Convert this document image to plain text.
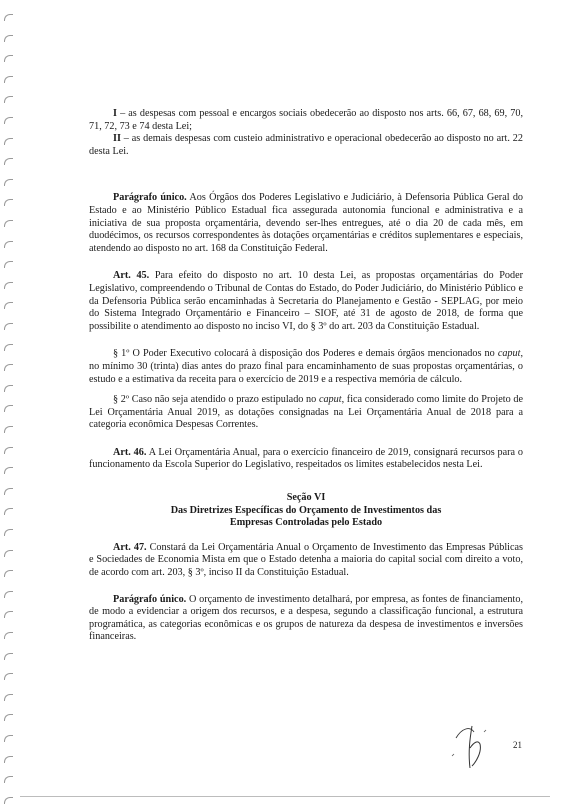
I – as despesas com pessoal e encargos sociais obedecerão ao disposto nos arts. 66, 67, 68, 69, 70, 71, 72, 73 e 74 desta Lei;

II – as demais despesas com custeio administrativo e operacional obedecerão ao disposto no art. 22 desta Lei.

Parágrafo único. Aos Órgãos dos Poderes Legislativo e Judiciário, à Defensoria Pública Geral do Estado e ao Ministério Público Estadual fica assegurada autonomia funcional e administrativa e a iniciativa de sua proposta orçamentária, devendo ser-lhes entregues, até o dia 20 de cada mês, em duodécimos, os recursos correspondentes às dotações orçamentárias e créditos suplementares e especiais, atendendo ao disposto no art. 168 da Constituição Federal.

Art. 45. Para efeito do disposto no art. 10 desta Lei, as propostas orçamentárias do Poder Legislativo, compreendendo o Tribunal de Contas do Estado, do Poder Judiciário, do Ministério Público e da Defensoria Pública serão encaminhadas à Secretaria do Planejamento e Gestão - SEPLAG, por meio do Sistema Integrado Orçamentário e Financeiro – SIOF, até 31 de agosto de 2018, de forma que possibilite o atendimento ao disposto no inciso VI, do § 3º do art. 203 da Constituição Estadual.

§ 1º O Poder Executivo colocará à disposição dos Poderes e demais órgãos mencionados no caput, no mínimo 30 (trinta) dias antes do prazo final para encaminhamento de suas propostas orçamentárias, o estudo e a estimativa da receita para o exercício de 2019 e a respectiva memória de cálculo.

§ 2º Caso não seja atendido o prazo estipulado no caput, fica considerado como limite do Projeto de Lei Orçamentária Anual 2019, as dotações consignadas na Lei Orçamentária Anual de 2018 para a categoria econômica Despesas Correntes.

Art. 46. A Lei Orçamentária Anual, para o exercício financeiro de 2019, consignará recursos para o funcionamento da Escola Superior do Legislativo, respeitados os limites estabelecidos nesta Lei.

Seção VI
Das Diretrizes Específicas do Orçamento de Investimentos das
Empresas Controladas pelo Estado

Art. 47. Constará da Lei Orçamentária Anual o Orçamento de Investimento das Empresas Públicas e Sociedades de Economia Mista em que o Estado detenha a maioria do capital social com direito a voto, de acordo com art. 203, § 3º, inciso II da Constituição Estadual.

Parágrafo único. O orçamento de investimento detalhará, por empresa, as fontes de financiamento, de modo a evidenciar a origem dos recursos, e a despesa, segundo a classificação funcional, a estrutura programática, as categorias econômicas e os grupos de natureza da despesa de investimentos e inversões financeiras.

21
